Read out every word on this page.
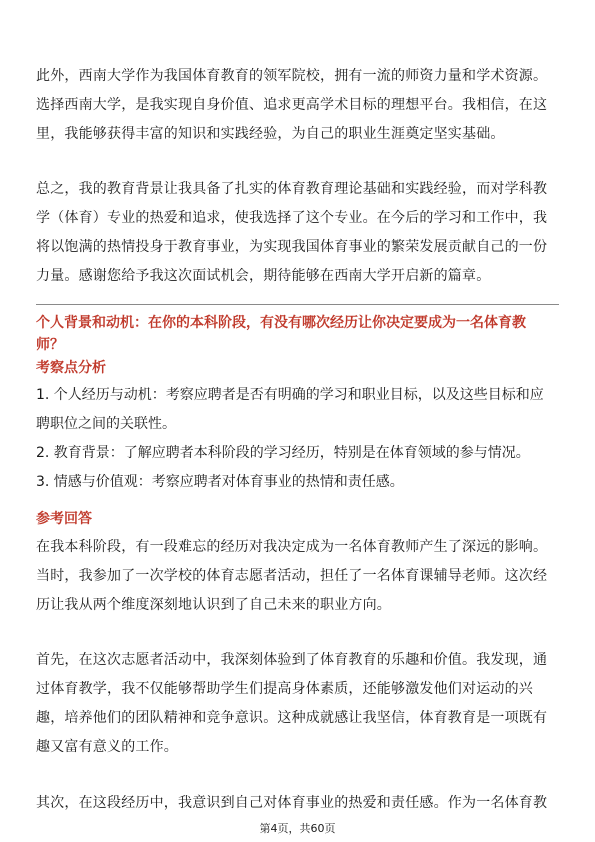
此外，西南大学作为我国体育教育的领军院校，拥有一流的师资力量和学术资源。
选择西南大学，是我实现自身价值、追求更高学术目标的理想平台。我相信，在这
里，我能够获得丰富的知识和实践经验，为自己的职业生涯奠定坚实基础。

总之，我的教育背景让我具备了扎实的体育教育理论基础和实践经验，而对学科教
学（体育）专业的热爱和追求，使我选择了这个专业。在今后的学习和工作中，我
将以饱满的热情投身于教育事业，为实现我国体育事业的繁荣发展贡献自己的一份
力量。感谢您给予我这次面试机会，期待能够在西南大学开启新的篇章。

个人背景和动机：在你的本科阶段，有没有哪次经历让你决定要成为一名体育教
师？

考察点分析

1. 个人经历与动机：考察应聘者是否有明确的学习和职业目标，以及这些目标和应
聘职位之间的关联性。

2. 教育背景：了解应聘者本科阶段的学习经历，特别是在体育领域的参与情况。

3. 情感与价值观：考察应聘者对体育事业的热情和责任感。

参考回答

在我本科阶段，有一段难忘的经历对我决定成为一名体育教师产生了深远的影响。
当时，我参加了一次学校的体育志愿者活动，担任了一名体育课辅导老师。这次经
历让我从两个维度深刻地认识到了自己未来的职业方向。

首先，在这次志愿者活动中，我深刻体验到了体育教育的乐趣和价值。我发现，通
过体育教学，我不仅能够帮助学生们提高身体素质，还能够激发他们对运动的兴
趣，培养他们的团队精神和竞争意识。这种成就感让我坚信，体育教育是一项既有
趣又富有意义的工作。

其次，在这段经历中，我意识到自己对体育事业的热爱和责任感。作为一名体育教

第4页，共60页
